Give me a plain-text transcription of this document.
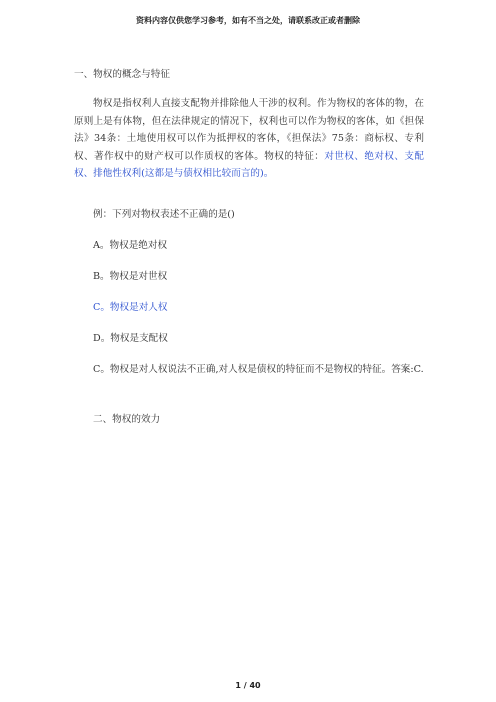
资料内容仅供您学习参考，如有不当之处，请联系改正或者删除
一、物权的概念与特征
物权是指权利人直接支配物并排除他人干涉的权利。作为物权的客体的物，在原则上是有体物，但在法律规定的情况下，权利也可以作为物权的客体，如《担保法》34条：土地使用权可以作为抵押权的客体，《担保法》75条：商标权、专利权、著作权中的财产权可以作质权的客体。物权的特征：对世权、绝对权、支配权、排他性权利(这都是与债权相比较而言的)。
例：下列对物权表述不正确的是()
A。物权是绝对权
B。物权是对世权
C。物权是对人权
D。物权是支配权
C。物权是对人权说法不正确,对人权是债权的特征而不是物权的特征。答案:C.
二、物权的效力
1 / 40
